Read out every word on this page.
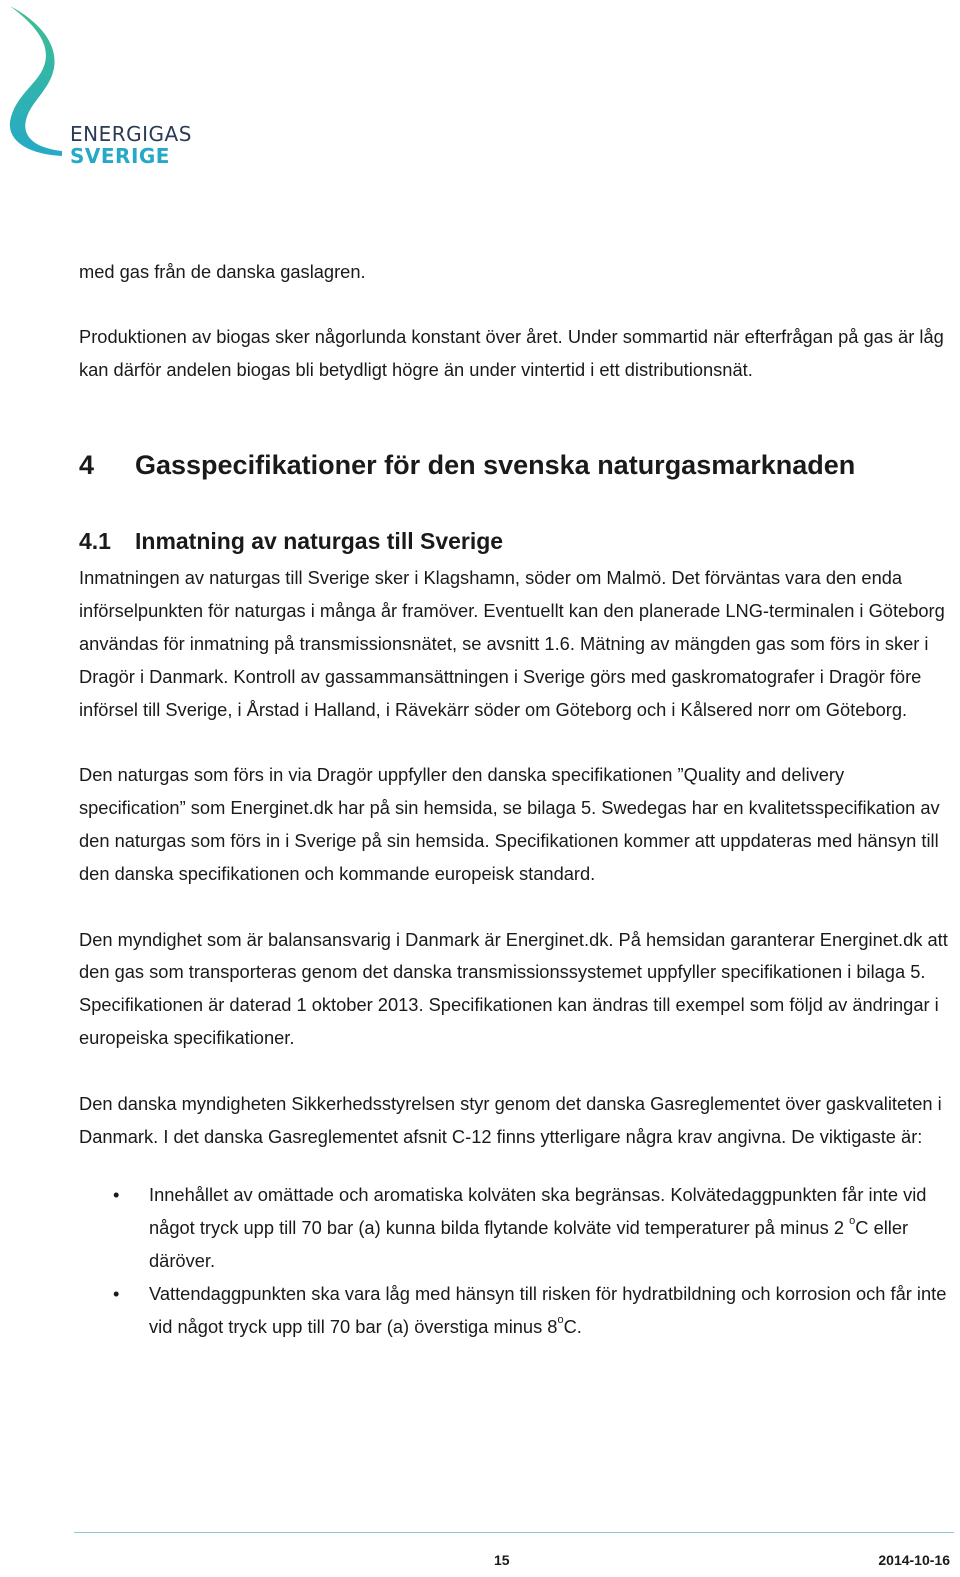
ENERGIGAS
SVERIGE

med gas från de danska gaslagren.

Produktionen av biogas sker någorlunda konstant över året. Under sommartid när efterfrågan på gas är låg kan därför andelen biogas bli betydligt högre än under vintertid i ett distributionsnät.

4	Gasspecifikationer för den svenska naturgasmarknaden
4.1	Inmatning av naturgas till Sverige

Inmatningen av naturgas till Sverige sker i Klagshamn, söder om Malmö. Det förväntas vara den enda införselpunkten för naturgas i många år framöver. Eventuellt kan den planerade LNG-terminalen i Göteborg användas för inmatning på transmissionsnätet, se avsnitt 1.6. Mätning av mängden gas som förs in sker i Dragör i Danmark. Kontroll av gassammansättningen i Sverige görs med gaskromatografer i Dragör före införsel till Sverige, i Årstad i Halland, i Rävekärr söder om Göteborg och i Kålsered norr om Göteborg.

Den naturgas som förs in via Dragör uppfyller den danska specifikationen ”Quality and delivery specification” som Energinet.dk har på sin hemsida, se bilaga 5. Swedegas har en kvalitetsspecifikation av den naturgas som förs in i Sverige på sin hemsida. Specifikationen kommer att uppdateras med hänsyn till den danska specifikationen och kommande europeisk standard.

Den myndighet som är balansansvarig i Danmark är Energinet.dk. På hemsidan garanterar Energinet.dk att den gas som transporteras genom det danska transmissionssystemet uppfyller specifikationen i bilaga 5. Specifikationen är daterad 1 oktober 2013. Specifikationen kan ändras till exempel som följd av ändringar i europeiska specifikationer.

Den danska myndigheten Sikkerhedsstyrelsen styr genom det danska Gasreglementet över gaskvaliteten i Danmark. I det danska Gasreglementet afsnit C-12 finns ytterligare några krav angivna. De viktigaste är:

• Innehållet av omättade och aromatiska kolväten ska begränsas. Kolvätedaggpunkten får inte vid något tryck upp till 70 bar (a) kunna bilda flytande kolväte vid temperaturer på minus 2 $^o$C eller däröver.
• Vattendaggpunkten ska vara låg med hänsyn till risken för hydratbildning och korrosion och får inte vid något tryck upp till 70 bar (a) överstiga minus 8$^o$C.
15	2014-10-16
